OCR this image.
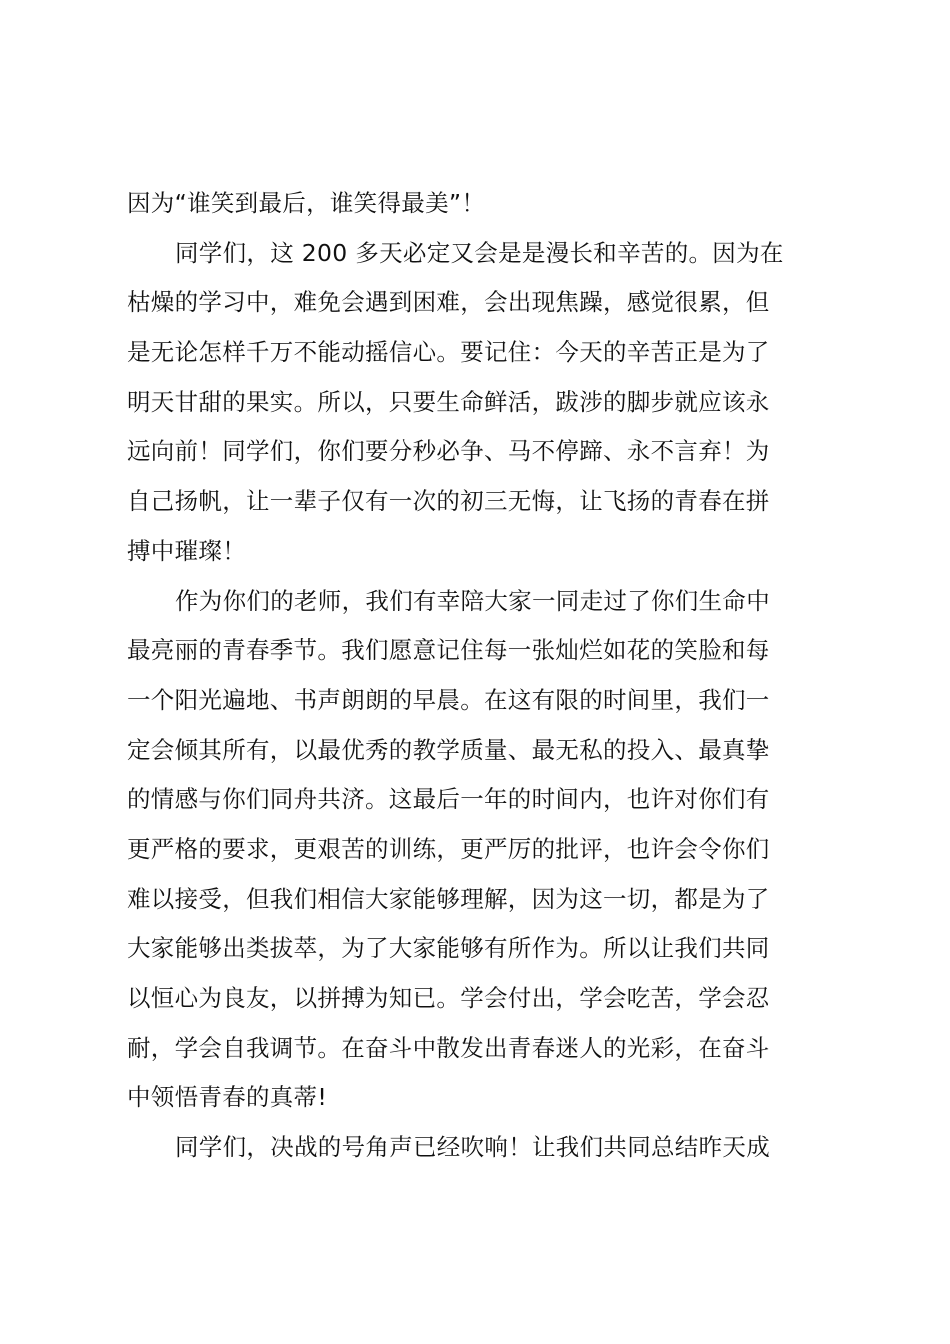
因为“谁笑到最后，谁笑得最美”！
同学们，这 200 多天必定又会是是漫长和辛苦的。因为在
枯燥的学习中，难免会遇到困难，会出现焦躁，感觉很累，但
是无论怎样千万不能动摇信心。要记住：今天的辛苦正是为了
明天甘甜的果实。所以，只要生命鲜活，跋涉的脚步就应该永
远向前！同学们，你们要分秒必争、马不停蹄、永不言弃！为
自己扬帆，让一辈子仅有一次的初三无悔，让飞扬的青春在拼
搏中璀璨！
作为你们的老师，我们有幸陪大家一同走过了你们生命中
最亮丽的青春季节。我们愿意记住每一张灿烂如花的笑脸和每
一个阳光遍地、书声朗朗的早晨。在这有限的时间里，我们一
定会倾其所有，以最优秀的教学质量、最无私的投入、最真挚
的情感与你们同舟共济。这最后一年的时间内，也许对你们有
更严格的要求，更艰苦的训练，更严厉的批评，也许会令你们
难以接受，但我们相信大家能够理解，因为这一切，都是为了
大家能够出类拔萃，为了大家能够有所作为。所以让我们共同
以恒心为良友，以拼搏为知已。学会付出，学会吃苦，学会忍
耐，学会自我调节。在奋斗中散发出青春迷人的光彩，在奋斗
中领悟青春的真蒂!
同学们，决战的号角声已经吹响！让我们共同总结昨天成
